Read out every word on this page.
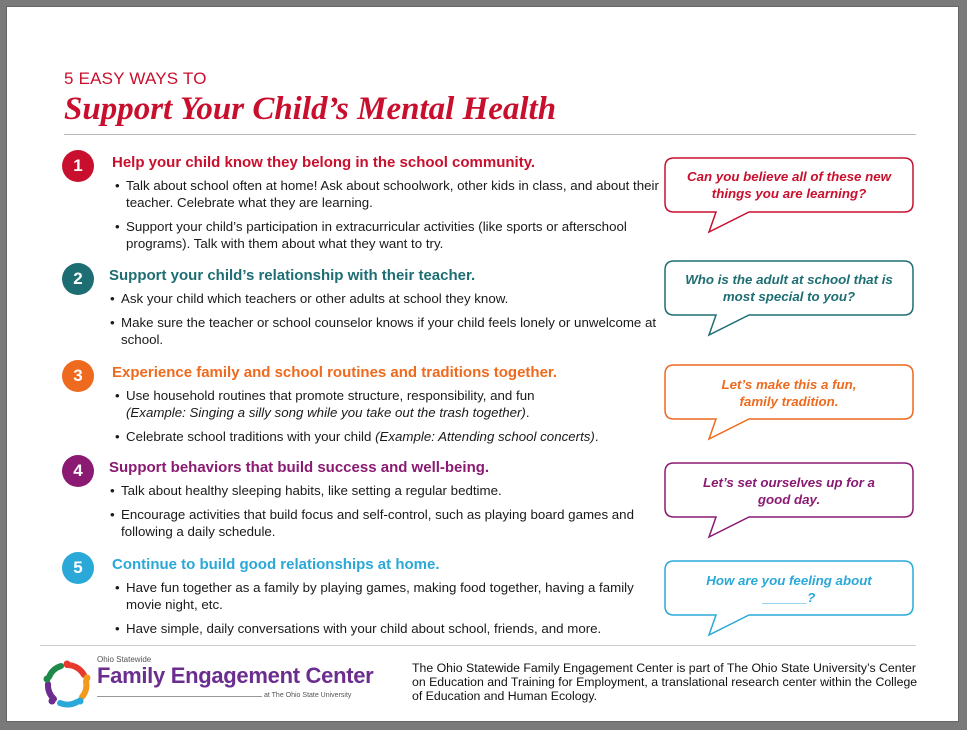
5 EASY WAYS TO
Support Your Child’s Mental Health
1	Help your child know they belong in the school community.
• Talk about school often at home! Ask about schoolwork, other kids in class, and about their teacher. Celebrate what they are learning.
• Support your child’s participation in extracurricular activities (like sports or afterschool programs). Talk with them about what they want to try.
2	Support your child’s relationship with their teacher.
• Ask your child which teachers or other adults at school they know.
• Make sure the teacher or school counselor knows if your child feels lonely or unwelcome at school.
3	Experience family and school routines and traditions together.
• Use household routines that promote structure, responsibility, and fun
(Example: Singing a silly song while you take out the trash together).
• Celebrate school traditions with your child (Example: Attending school concerts).
4	Support behaviors that build success and well-being.
• Talk about healthy sleeping habits, like setting a regular bedtime.
• Encourage activities that build focus and self-control, such as playing board games and following a daily schedule.
5	Continue to build good relationships at home.
• Have fun together as a family by playing games, making food together, having a family movie night, etc.
• Have simple, daily conversations with your child about school, friends, and more.
Can you believe all of these new things you are learning?
Who is the adult at school that is most special to you?
Let’s make this a fun, family tradition.
Let’s set ourselves up for a good day.
How are you feeling about ______?
Ohio Statewide
Family Engagement Center
at The Ohio State University
The Ohio Statewide Family Engagement Center is part of The Ohio State University’s Center on Education and Training for Employment, a translational research center within the College of Education and Human Ecology.
